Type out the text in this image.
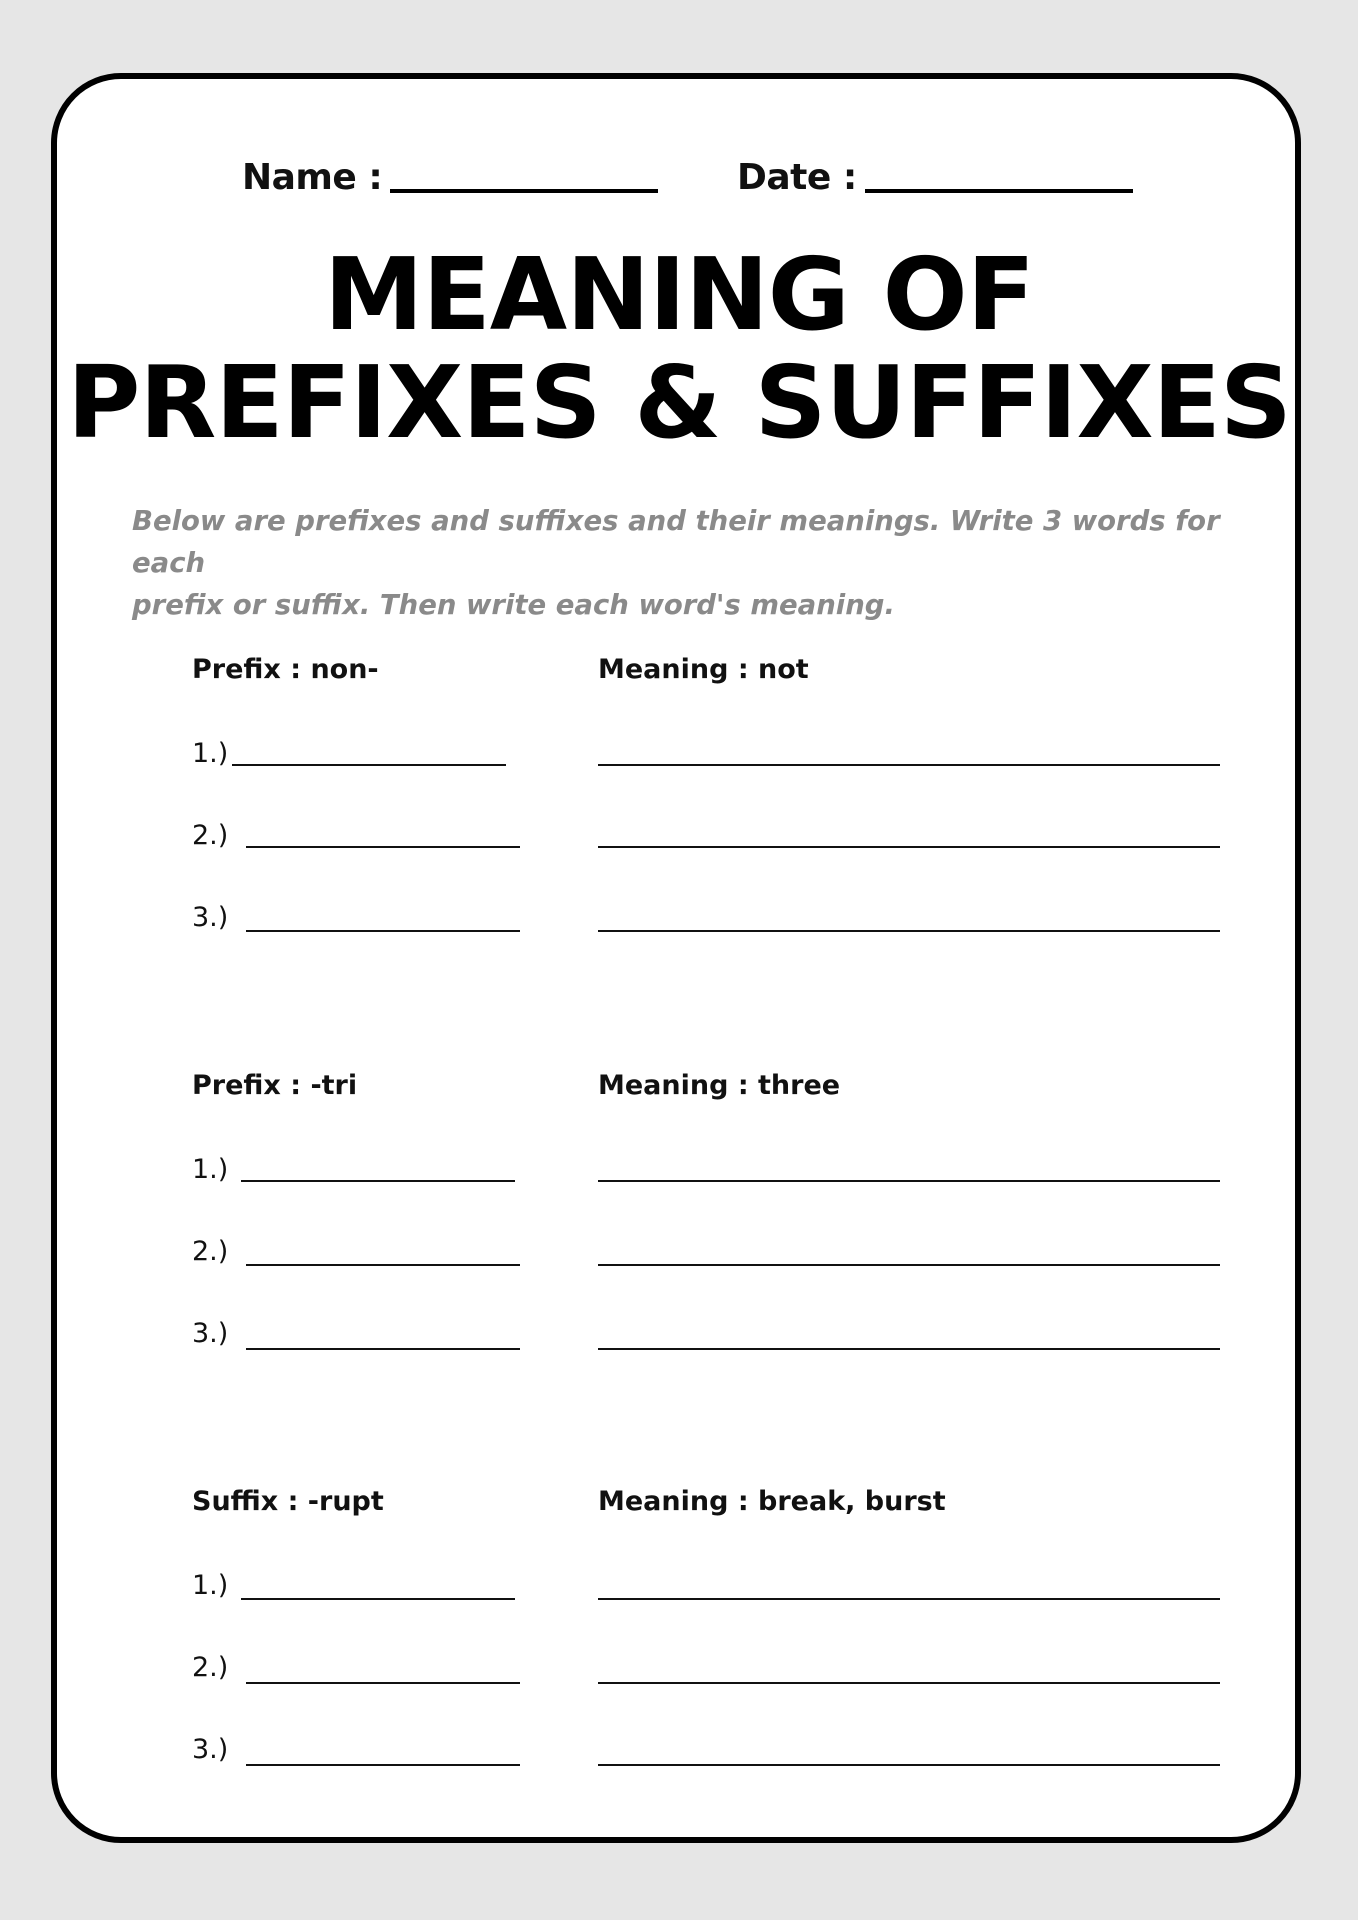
Name :	Date :
MEANING OF
PREFIXES & SUFFIXES
Below are prefixes and suffixes and their meanings. Write 3 words for each
prefix or suffix. Then write each word's meaning.
Prefix : non-	Meaning : not
1.)
2.)
3.)
Prefix : -tri	Meaning : three
1.)
2.)
3.)
Suffix : -rupt	Meaning : break, burst
1.)
2.)
3.)
